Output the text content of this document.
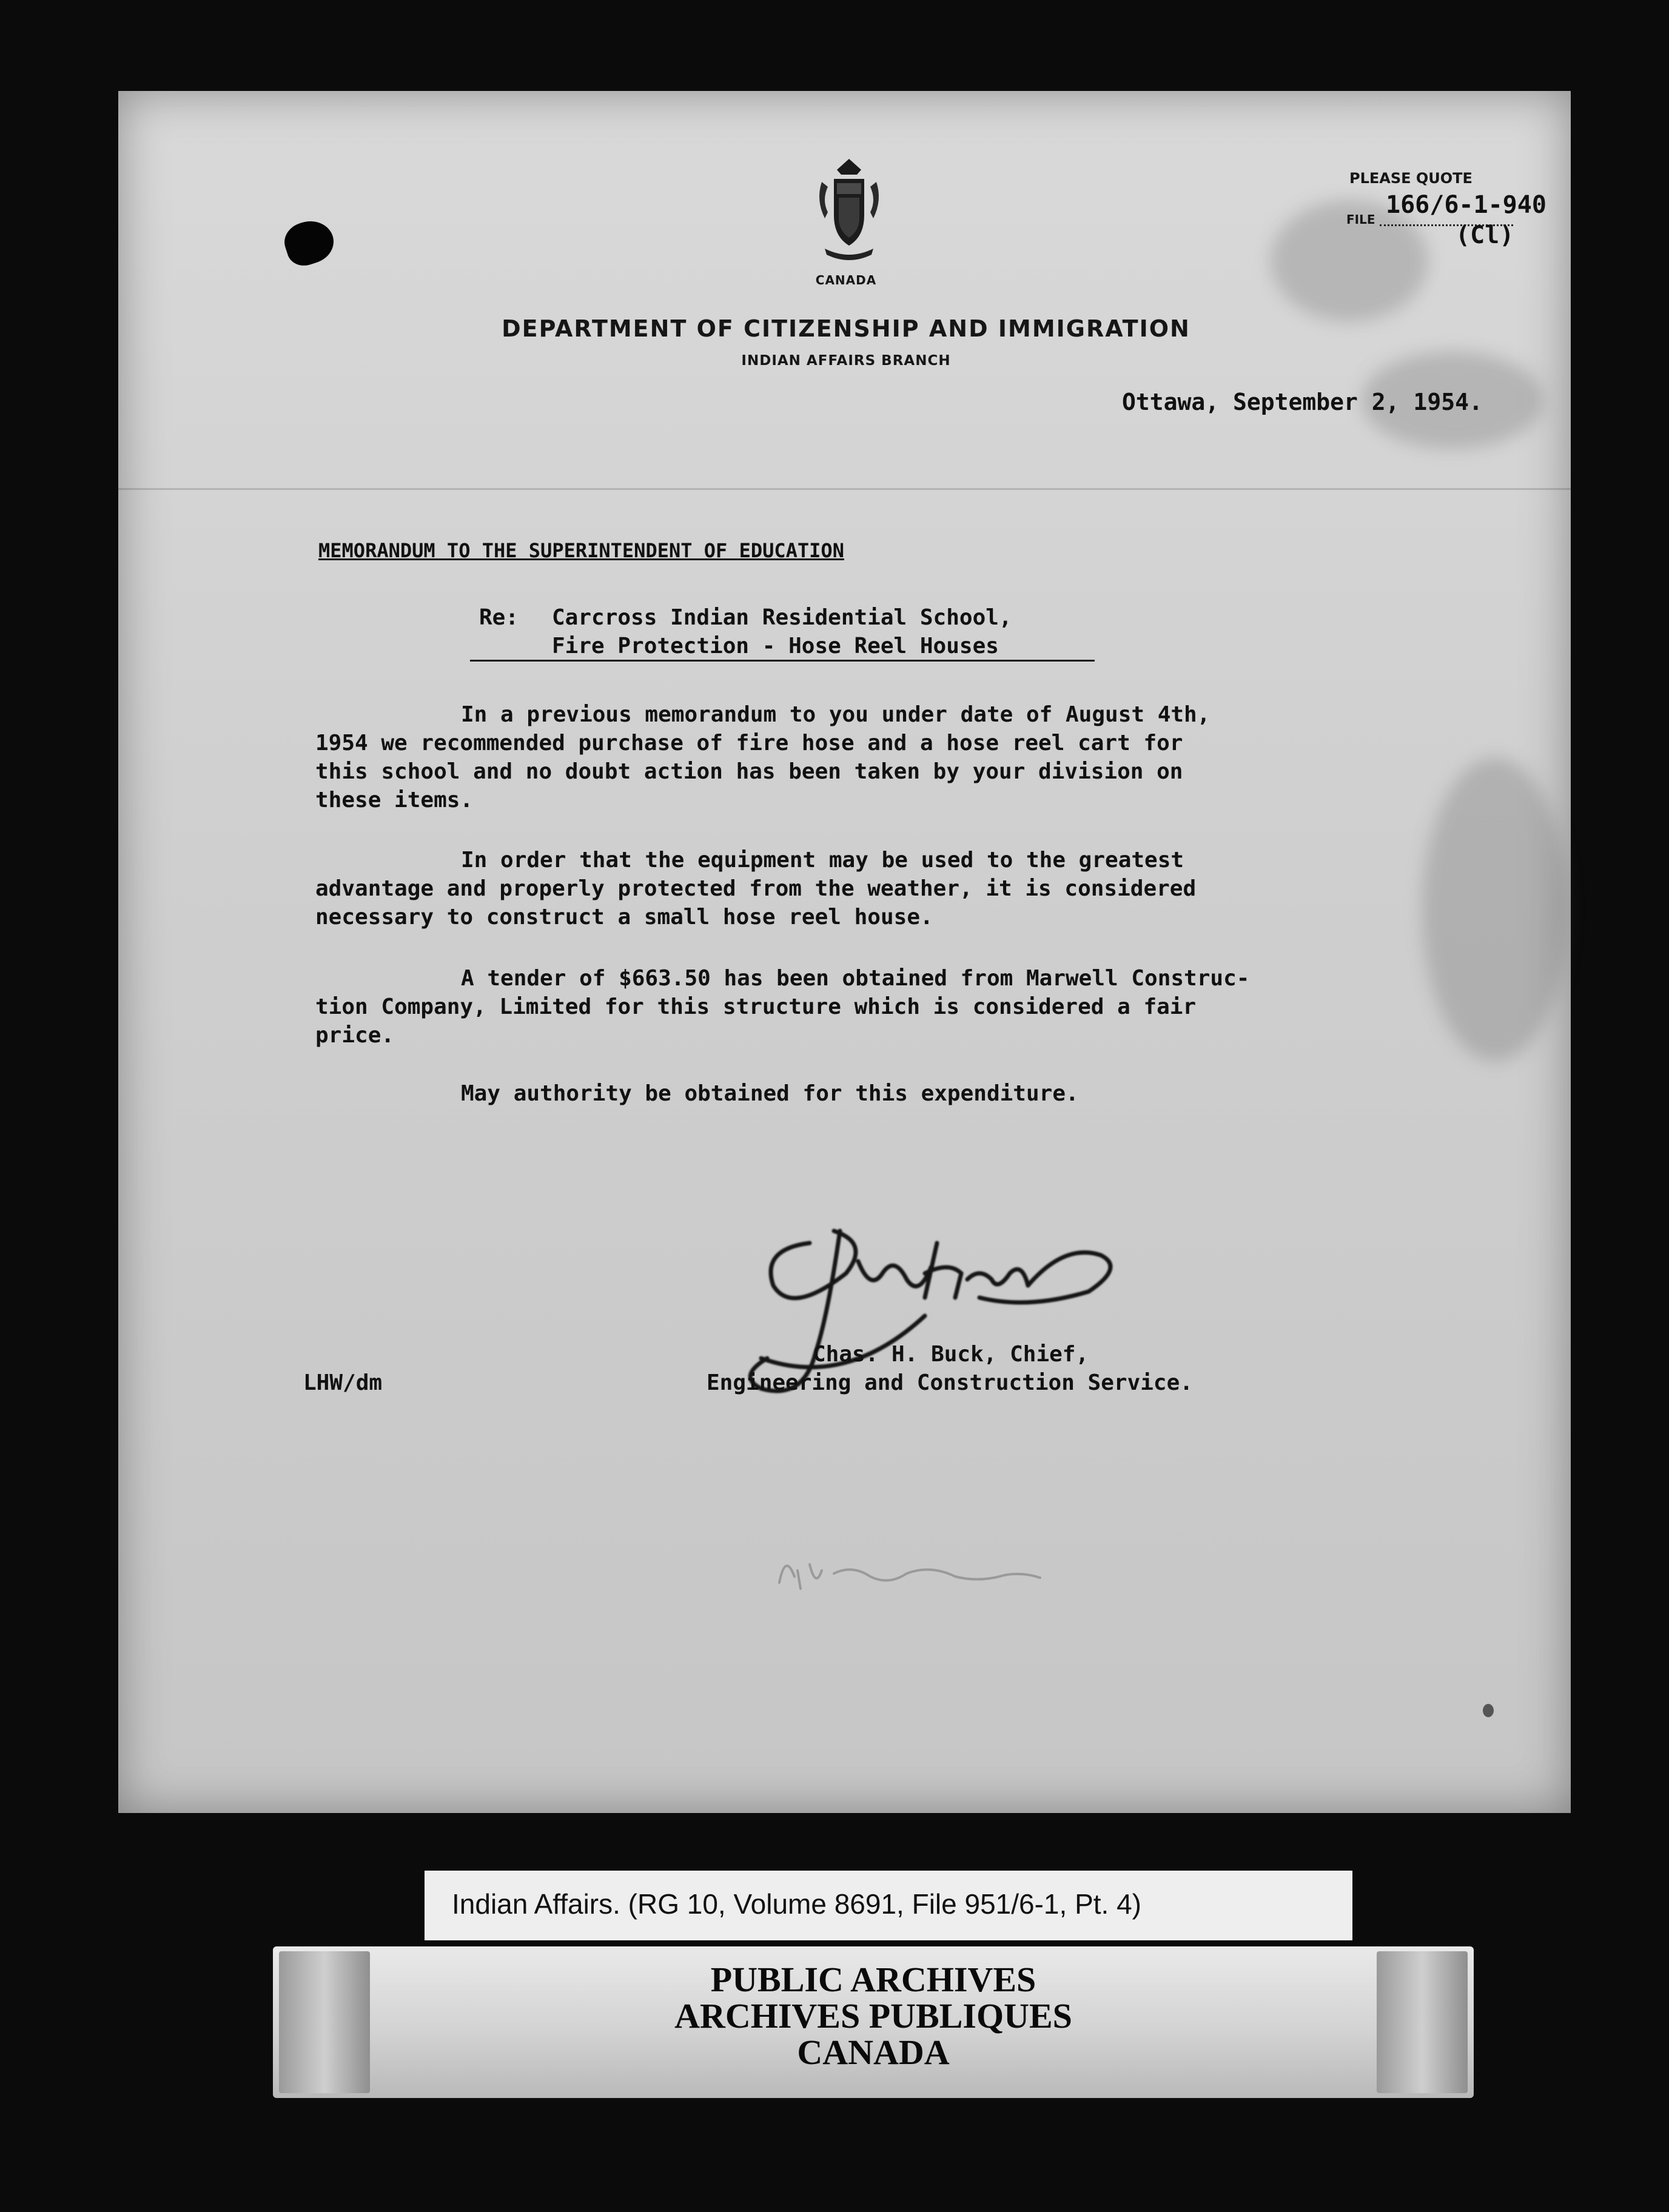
CANADA
DEPARTMENT OF CITIZENSHIP AND IMMIGRATION
INDIAN AFFAIRS BRANCH
PLEASE QUOTE
FILE
166/6-1-940
(Cl)
Ottawa, September 2, 1954.
MEMORANDUM TO THE SUPERINTENDENT OF EDUCATION
Re: Carcross Indian Residential School,
Fire Protection - Hose Reel Houses
In a previous memorandum to you under date of August 4th,
1954 we recommended purchase of fire hose and a hose reel cart for
this school and no doubt action has been taken by your division on
these items.
In order that the equipment may be used to the greatest
advantage and properly protected from the weather, it is considered
necessary to construct a small hose reel house.
A tender of $663.50 has been obtained from Marwell Construc-
tion Company, Limited for this structure which is considered a fair
price.
May authority be obtained for this expenditure.
Chas. H. Buck, Chief,
Engineering and Construction Service.
LHW/dm
Indian Affairs. (RG 10, Volume 8691, File 951/6-1, Pt. 4)
PUBLIC ARCHIVES
ARCHIVES PUBLIQUES
CANADA
